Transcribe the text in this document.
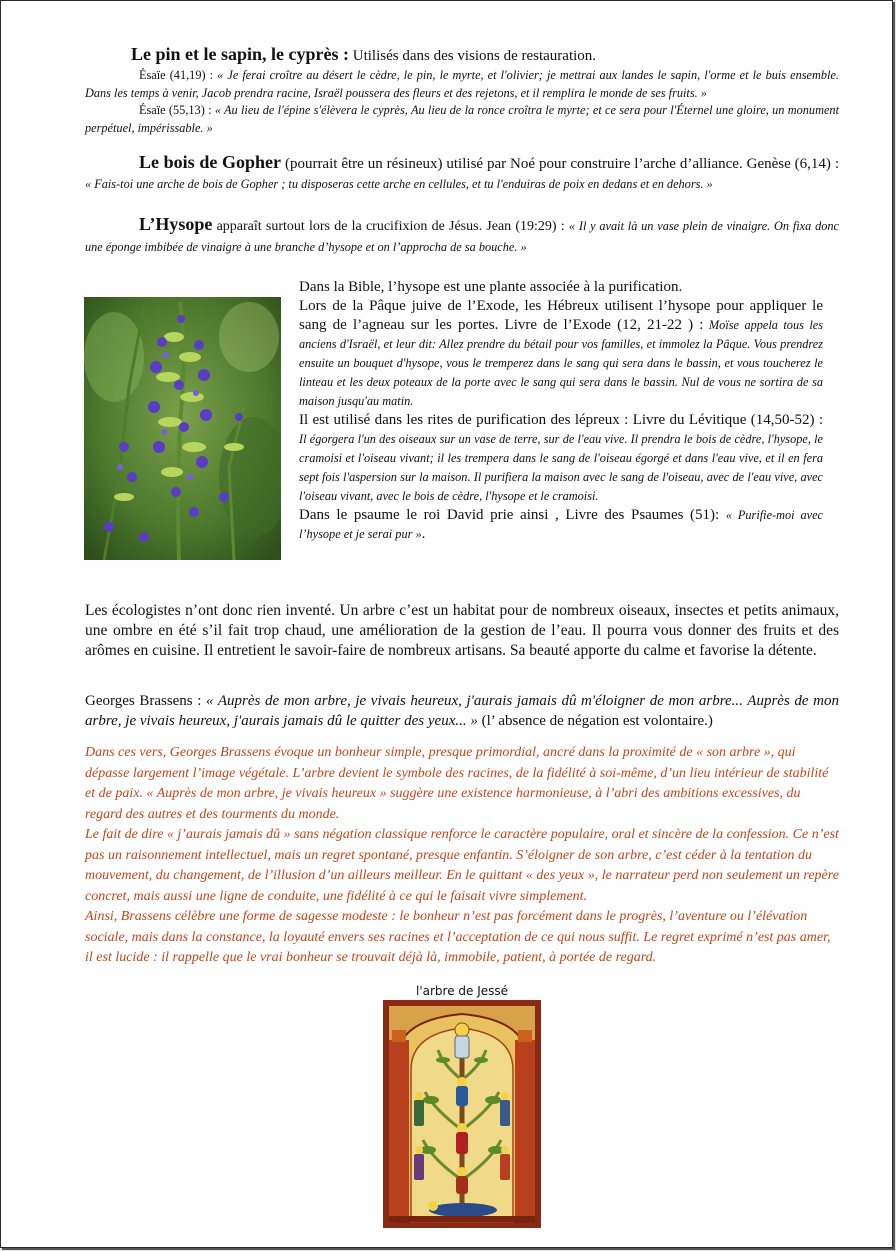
Le pin et le sapin, le cyprès : Utilisés dans des visions de restauration.
Ésaïe (41,19) : « Je ferai croître au désert le cèdre, le pin, le myrte, et l'olivier; je mettrai aux landes le sapin, l'orme et le buis ensemble. Dans les temps à venir, Jacob prendra racine, Israël poussera des fleurs et des rejetons, et il remplira le monde de ses fruits. »
Ésaïe (55,13) : « Au lieu de l'épine s'élèvera le cyprès, Au lieu de la ronce croîtra le myrte; et ce sera pour l'Éternel une gloire, un monument perpétuel, impérissable. »
Le bois de Gopher (pourrait être un résineux) utilisé par Noé pour construire l’arche d’alliance. Genèse (6,14) : « Fais-toi une arche de bois de Gopher ; tu disposeras cette arche en cellules, et tu l'enduiras de poix en dedans et en dehors. »
L’Hysope apparaît surtout lors de la crucifixion de Jésus. Jean (19:29) : « Il y avait là un vase plein de vinaigre. On fixa donc une éponge imbibée de vinaigre à une branche d’hysope et on l’approcha de sa bouche. »
Dans la Bible, l’hysope est une plante associée à la purification.
Lors de la Pâque juive de l’Exode, les Hébreux utilisent l’hysope pour appliquer le sang de l’agneau sur les portes. Livre de l’Exode (12, 21-22 ) : Moïse appela tous les anciens d'Israël, et leur dit: Allez prendre du bétail pour vos familles, et immolez la Pâque. Vous prendrez ensuite un bouquet d'hysope, vous le tremperez dans le sang qui sera dans le bassin, et vous toucherez le linteau et les deux poteaux de la porte avec le sang qui sera dans le bassin. Nul de vous ne sortira de sa maison jusqu'au matin.
Il est utilisé dans les rites de purification des lépreux : Livre du Lévitique (14,50-52) : Il égorgera l'un des oiseaux sur un vase de terre, sur de l'eau vive. Il prendra le bois de cèdre, l'hysope, le cramoisi et l'oiseau vivant; il les trempera dans le sang de l'oiseau égorgé et dans l'eau vive, et il en fera sept fois l'aspersion sur la maison. Il purifiera la maison avec le sang de l'oiseau, avec de l'eau vive, avec l'oiseau vivant, avec le bois de cèdre, l'hysope et le cramoisi.
Dans le psaume le roi David prie ainsi , Livre des Psaumes (51): « Purifie-moi avec l’hysope et je serai pur ».
Les écologistes n’ont donc rien inventé. Un arbre c’est un habitat pour de nombreux oiseaux, insectes et petits animaux, une ombre en été s’il fait trop chaud, une amélioration de la gestion de l’eau. Il pourra vous donner des fruits et des arômes en cuisine. Il entretient le savoir-faire de nombreux artisans. Sa beauté apporte du calme et favorise la détente.
Georges Brassens : « Auprès de mon arbre, je vivais heureux, j'aurais jamais dû m'éloigner de mon arbre... Auprès de mon arbre, je vivais heureux, j'aurais jamais dû le quitter des yeux... » (l’ absence de négation est volontaire.)
Dans ces vers, Georges Brassens évoque un bonheur simple, presque primordial, ancré dans la proximité de « son arbre », qui dépasse largement l’image végétale. L’arbre devient le symbole des racines, de la fidélité à soi-même, d’un lieu intérieur de stabilité et de paix. « Auprès de mon arbre, je vivais heureux » suggère une existence harmonieuse, à l’abri des ambitions excessives, du regard des autres et des tourments du monde.
Le fait de dire « j’aurais jamais dû » sans négation classique renforce le caractère populaire, oral et sincère de la confession. Ce n’est pas un raisonnement intellectuel, mais un regret spontané, presque enfantin. S’éloigner de son arbre, c’est céder à la tentation du mouvement, du changement, de l’illusion d’un ailleurs meilleur. En le quittant « des yeux », le narrateur perd non seulement un repère concret, mais aussi une ligne de conduite, une fidélité à ce qui le faisait vivre simplement.
Ainsi, Brassens célèbre une forme de sagesse modeste : le bonheur n’est pas forcément dans le progrès, l’aventure ou l’élévation sociale, mais dans la constance, la loyauté envers ses racines et l’acceptation de ce qui nous suffit. Le regret exprimé n’est pas amer, il est lucide : il rappelle que le vrai bonheur se trouvait déjà là, immobile, patient, à portée de regard.
l'arbre de Jessé
